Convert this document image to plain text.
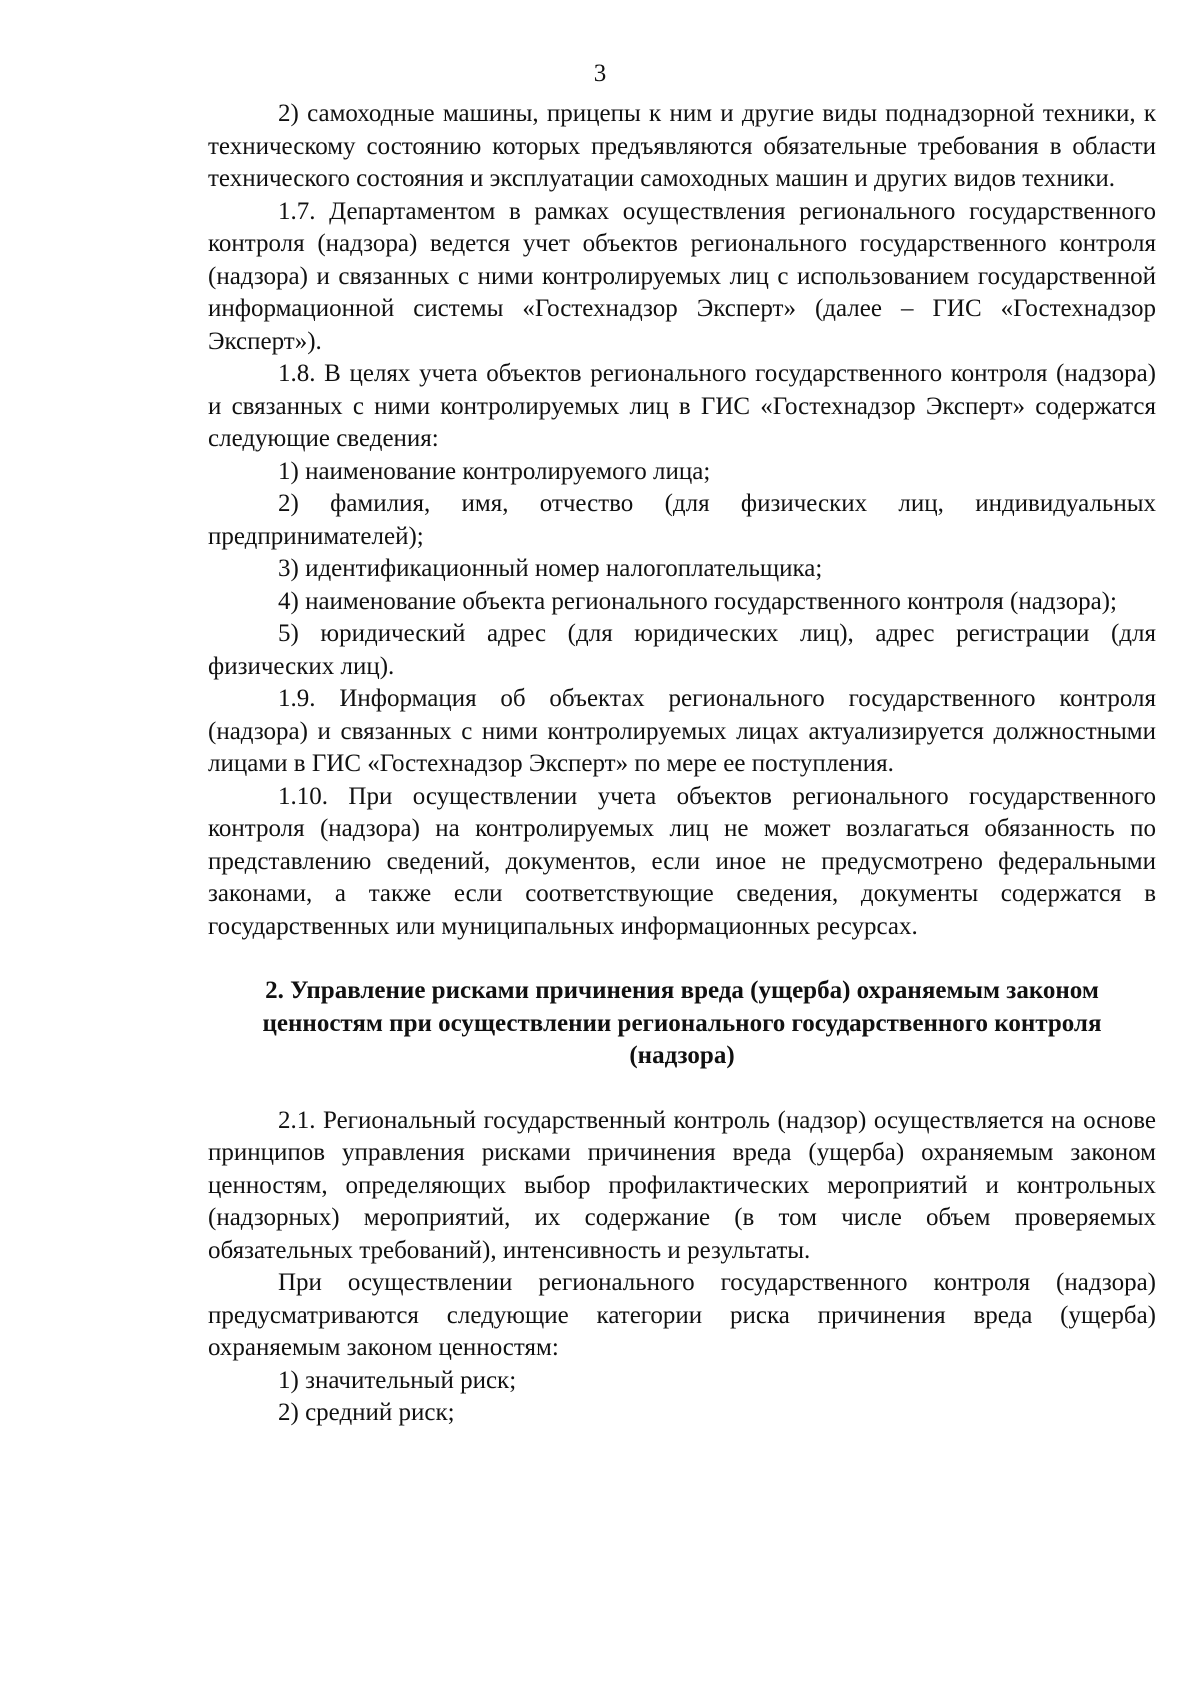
3

2) самоходные машины, прицепы к ним и другие виды поднадзорной техники, к техническому состоянию которых предъявляются обязательные требования в области технического состояния и эксплуатации самоходных машин и других видов техники.

1.7. Департаментом в рамках осуществления регионального государственного контроля (надзора) ведется учет объектов регионального государственного контроля (надзора) и связанных с ними контролируемых лиц с использованием государственной информационной системы «Гостехнадзор Эксперт» (далее – ГИС «Гостехнадзор Эксперт»).

1.8. В целях учета объектов регионального государственного контроля (надзора) и связанных с ними контролируемых лиц в ГИС «Гостехнадзор Эксперт» содержатся следующие сведения:

1) наименование контролируемого лица;

2) фамилия, имя, отчество (для физических лиц, индивидуальных предпринимателей);

3) идентификационный номер налогоплательщика;

4) наименование объекта регионального государственного контроля (надзора);

5) юридический адрес (для юридических лиц), адрес регистрации (для физических лиц).

1.9. Информация об объектах регионального государственного контроля (надзора) и связанных с ними контролируемых лицах актуализируется должностными лицами в ГИС «Гостехнадзор Эксперт» по мере ее поступления.

1.10. При осуществлении учета объектов регионального государственного контроля (надзора) на контролируемых лиц не может возлагаться обязанность по представлению сведений, документов, если иное не предусмотрено федеральными законами, а также если соответствующие сведения, документы содержатся в государственных или муниципальных информационных ресурсах.

2. Управление рисками причинения вреда (ущерба) охраняемым законом ценностям при осуществлении регионального государственного контроля (надзора)

2.1. Региональный государственный контроль (надзор) осуществляется на основе принципов управления рисками причинения вреда (ущерба) охраняемым законом ценностям, определяющих выбор профилактических мероприятий и контрольных (надзорных) мероприятий, их содержание (в том числе объем проверяемых обязательных требований), интенсивность и результаты.

При осуществлении регионального государственного контроля (надзора) предусматриваются следующие категории риска причинения вреда (ущерба) охраняемым законом ценностям:

1) значительный риск;

2) средний риск;
